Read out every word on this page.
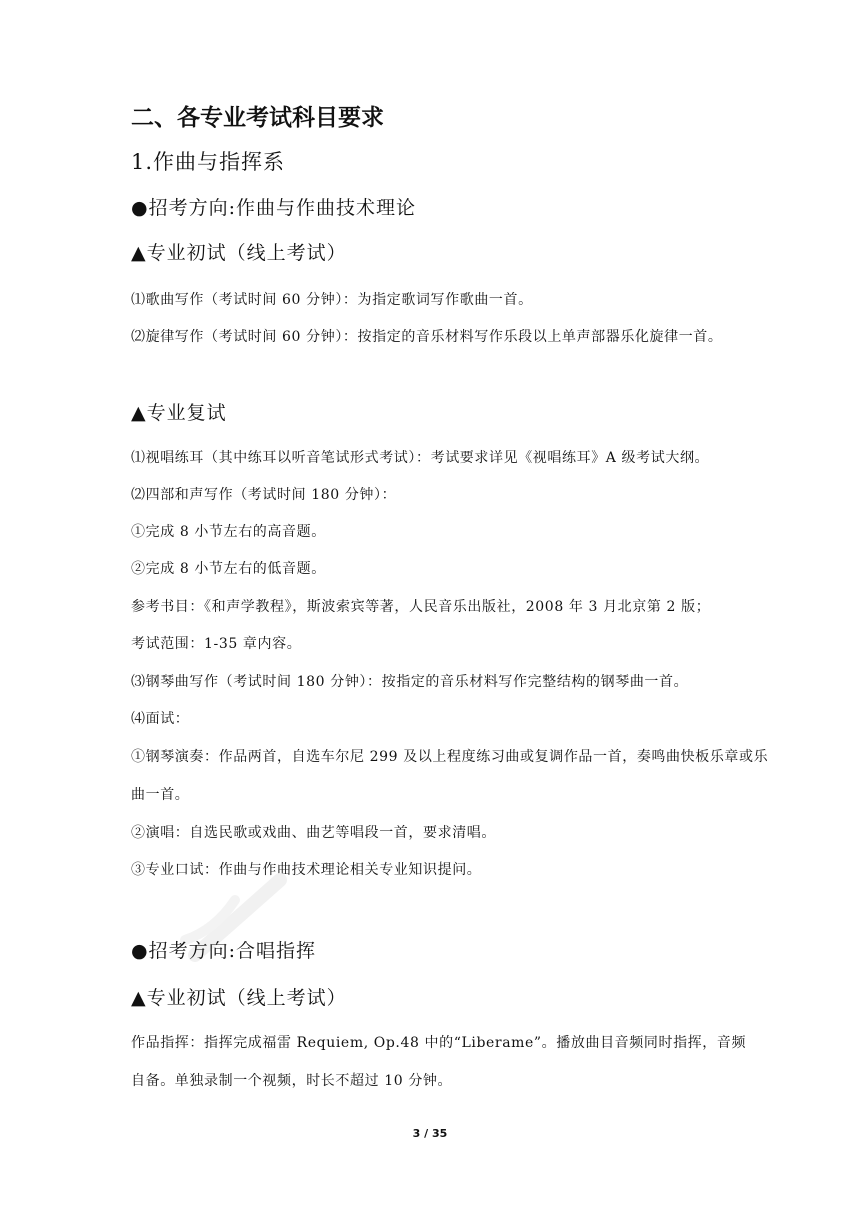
二、各专业考试科目要求

1.作曲与指挥系

●招考方向:作曲与作曲技术理论

▲专业初试（线上考试）

⑴歌曲写作（考试时间 60 分钟）：为指定歌词写作歌曲一首。

⑵旋律写作（考试时间 60 分钟）：按指定的音乐材料写作乐段以上单声部器乐化旋律一首。

▲专业复试

⑴视唱练耳（其中练耳以听音笔试形式考试）：考试要求详见《视唱练耳》A 级考试大纲。

⑵四部和声写作（考试时间 180 分钟）：

①完成 8 小节左右的高音题。

②完成 8 小节左右的低音题。

参考书目：《和声学教程》，斯波索宾等著，人民音乐出版社，2008 年 3 月北京第 2 版；

考试范围：1-35 章内容。

⑶钢琴曲写作（考试时间 180 分钟）：按指定的音乐材料写作完整结构的钢琴曲一首。

⑷面试：

①钢琴演奏：作品两首，自选车尔尼 299 及以上程度练习曲或复调作品一首，奏鸣曲快板乐章或乐

曲一首。

②演唱：自选民歌或戏曲、曲艺等唱段一首，要求清唱。

③专业口试：作曲与作曲技术理论相关专业知识提问。

●招考方向:合唱指挥

▲专业初试（线上考试）

作品指挥：指挥完成福雷 Requiem, Op.48 中的“Liberame”。播放曲目音频同时指挥，音频

自备。单独录制一个视频，时长不超过 10 分钟。

3 / 35
